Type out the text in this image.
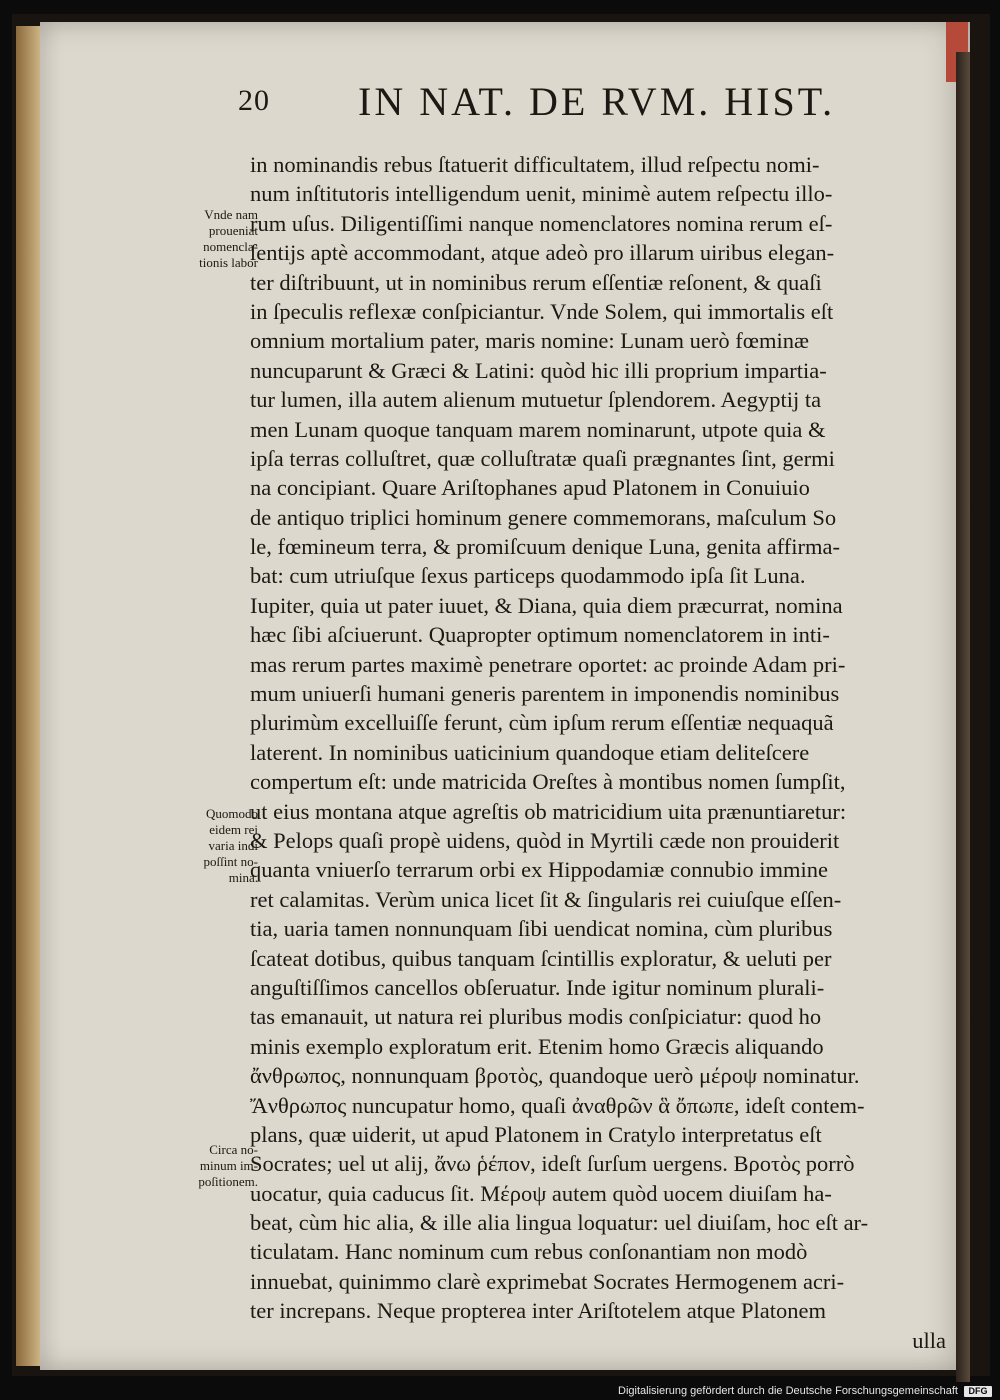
20 IN NAT. DE RVM. HIST.
in nominandis rebus ſtatuerit difficultatem, illud reſpectu nomi-
num inſtitutoris intelligendum uenit, minimè autem reſpectu illo-
rum uſus. Diligentiſſimi nanque nomenclatores nomina rerum eſ-
ſentijs aptè accommodant, atque adeò pro illarum uiribus elegan-
ter diſtribuunt, ut in nominibus rerum eſſentiæ reſonent, & quaſi
in ſpeculis reflexæ conſpiciantur. Vnde Solem, qui immortalis eſt
omnium mortalium pater, maris nomine: Lunam uerò fœminæ
nuncuparunt & Græci & Latini: quòd hic illi proprium impartia-
tur lumen, illa autem alienum mutuetur ſplendorem. Aegyptij ta
men Lunam quoque tanquam marem nominarunt, utpote quia &
ipſa terras colluſtret, quæ colluſtratæ quaſi prægnantes ſint, germi
na concipiant. Quare Ariſtophanes apud Platonem in Conuiuio
de antiquo triplici hominum genere commemorans, maſculum So
le, fœmineum terra, & promiſcuum denique Luna, genita affirma-
bat: cum utriuſque ſexus particeps quodammodo ipſa ſit Luna.
Iupiter, quia ut pater iuuet, & Diana, quia diem præcurrat, nomina
hæc ſibi aſciuerunt. Quapropter optimum nomenclatorem in inti-
mas rerum partes maximè penetrare oportet: ac proinde Adam pri-
mum uniuerſi humani generis parentem in imponendis nominibus
plurimùm excelluiſſe ferunt, cùm ipſum rerum eſſentiæ nequaquã
laterent. In nominibus uaticinium quandoque etiam deliteſcere
compertum eſt: unde matricida Oreſtes à montibus nomen ſumpſit,
ut eius montana atque agreſtis ob matricidium uita prænuntiaretur:
& Pelops quaſi propè uidens, quòd in Myrtili cæde non prouiderit
quanta vniuerſo terrarum orbi ex Hippodamiæ connubio immine
ret calamitas. Verùm unica licet ſit & ſingularis rei cuiuſque eſſen-
tia, uaria tamen nonnunquam ſibi uendicat nomina, cùm pluribus
ſcateat dotibus, quibus tanquam ſcintillis exploratur, & ueluti per
anguſtiſſimos cancellos obſeruatur. Inde igitur nominum plurali-
tas emanauit, ut natura rei pluribus modis conſpiciatur: quod ho
minis exemplo exploratum erit. Etenim homo Græcis aliquando
ἄνθρωπος, nonnunquam βροτὸς, quandoque uerò μέροψ nominatur.
Ἄνθρωπος nuncupatur homo, quaſi ἀναθρῶν ἃ ὄπωπε, ideſt contem-
plans, quæ uiderit, ut apud Platonem in Cratylo interpretatus eſt
Socrates; uel ut alij, ἄνω ῥέπον, ideſt ſurſum uergens. Βροτὸς porrò
uocatur, quia caducus ſit. Μέροψ autem quòd uocem diuiſam ha-
beat, cùm hic alia, & ille alia lingua loquatur: uel diuiſam, hoc eſt ar-
ticulatam. Hanc nominum cum rebus conſonantiam non modò
innuebat, quinimmo clarè exprimebat Socrates Hermogenem acri-
ter increpans. Neque propterea inter Ariſtotelem atque Platonem
ulla
Vnde nam
proueniat
nomencla-
tionis labor
Quomodo
eidem rei
varia indi
poſſint no-
mina.
Circa no-
minum im-
poſitionem.
Digitalisierung gefördert durch die Deutsche Forschungsgemeinschaft	DFG
